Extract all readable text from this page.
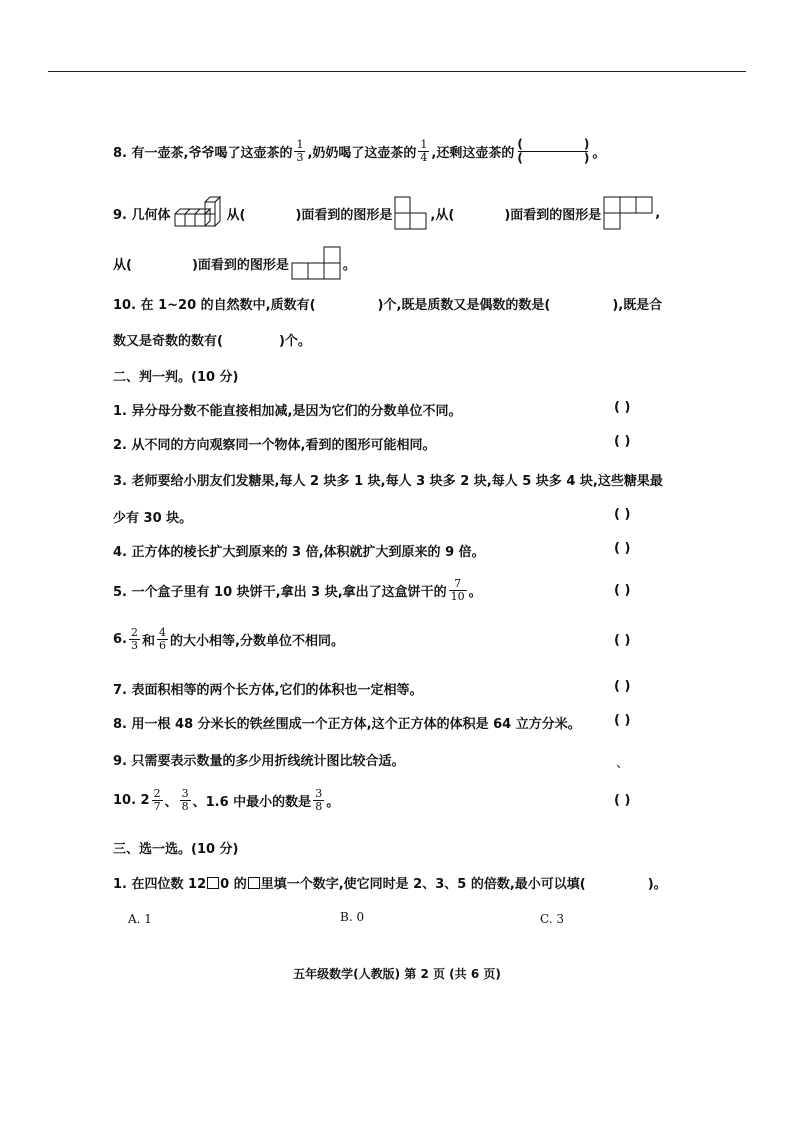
8. 有一壶茶,爷爷喝了这壶茶的 $\frac{1}{3}$ ,奶奶喝了这壶茶的 $\frac{1}{4}$ ,还剩这壶茶的
(	)
(	) 。
9. 几何体	从(	)面看到的图形是	,从(	)面看到的图形是	,
从(	)面看到的图形是	。
10. 在 1~20 的自然数中,质数有(	)个,既是质数又是偶数的数是(	),既是合
数又是奇数的数有(	)个。
二、判一判。(10 分)
1. 异分母分数不能直接相加减,是因为它们的分数单位不同。	( )
2. 从不同的方向观察同一个物体,看到的图形可能相同。	( )
3. 老师要给小朋友们发糖果,每人 2 块多 1 块,每人 3 块多 2 块,每人 5 块多 4 块,这些糖果最
少有 30 块。	( )
4. 正方体的棱长扩大到原来的 3 倍,体积就扩大到原来的 9 倍。	( )
5. 一个盒子里有 10 块饼干,拿出 3 块,拿出了这盒饼干的 $\frac{7}{10}$ 。	( )
6. $\frac{2}{3}$ 和 $\frac{4}{6}$ 的大小相等,分数单位不相同。	( )
7. 表面积相等的两个长方体,它们的体积也一定相等。	( )
8. 用一根 48 分米长的铁丝围成一个正方体,这个正方体的体积是 64 立方分米。	( )
9. 只需要表示数量的多少用折线统计图比较合适。	、
10. $2 \frac{2}{7}$ 、 $\frac{3}{8}$ 、1.6 中最小的数是 $\frac{3}{8}$ 。	( )
三、选一选。(10 分)
1. 在四位数 12 0 的 里填一个数字,使它同时是 2、3、5 的倍数,最小可以填(	)。
A. 1	B. 0	C. 3
五年级数学(人教版) 第 2 页 (共 6 页)
